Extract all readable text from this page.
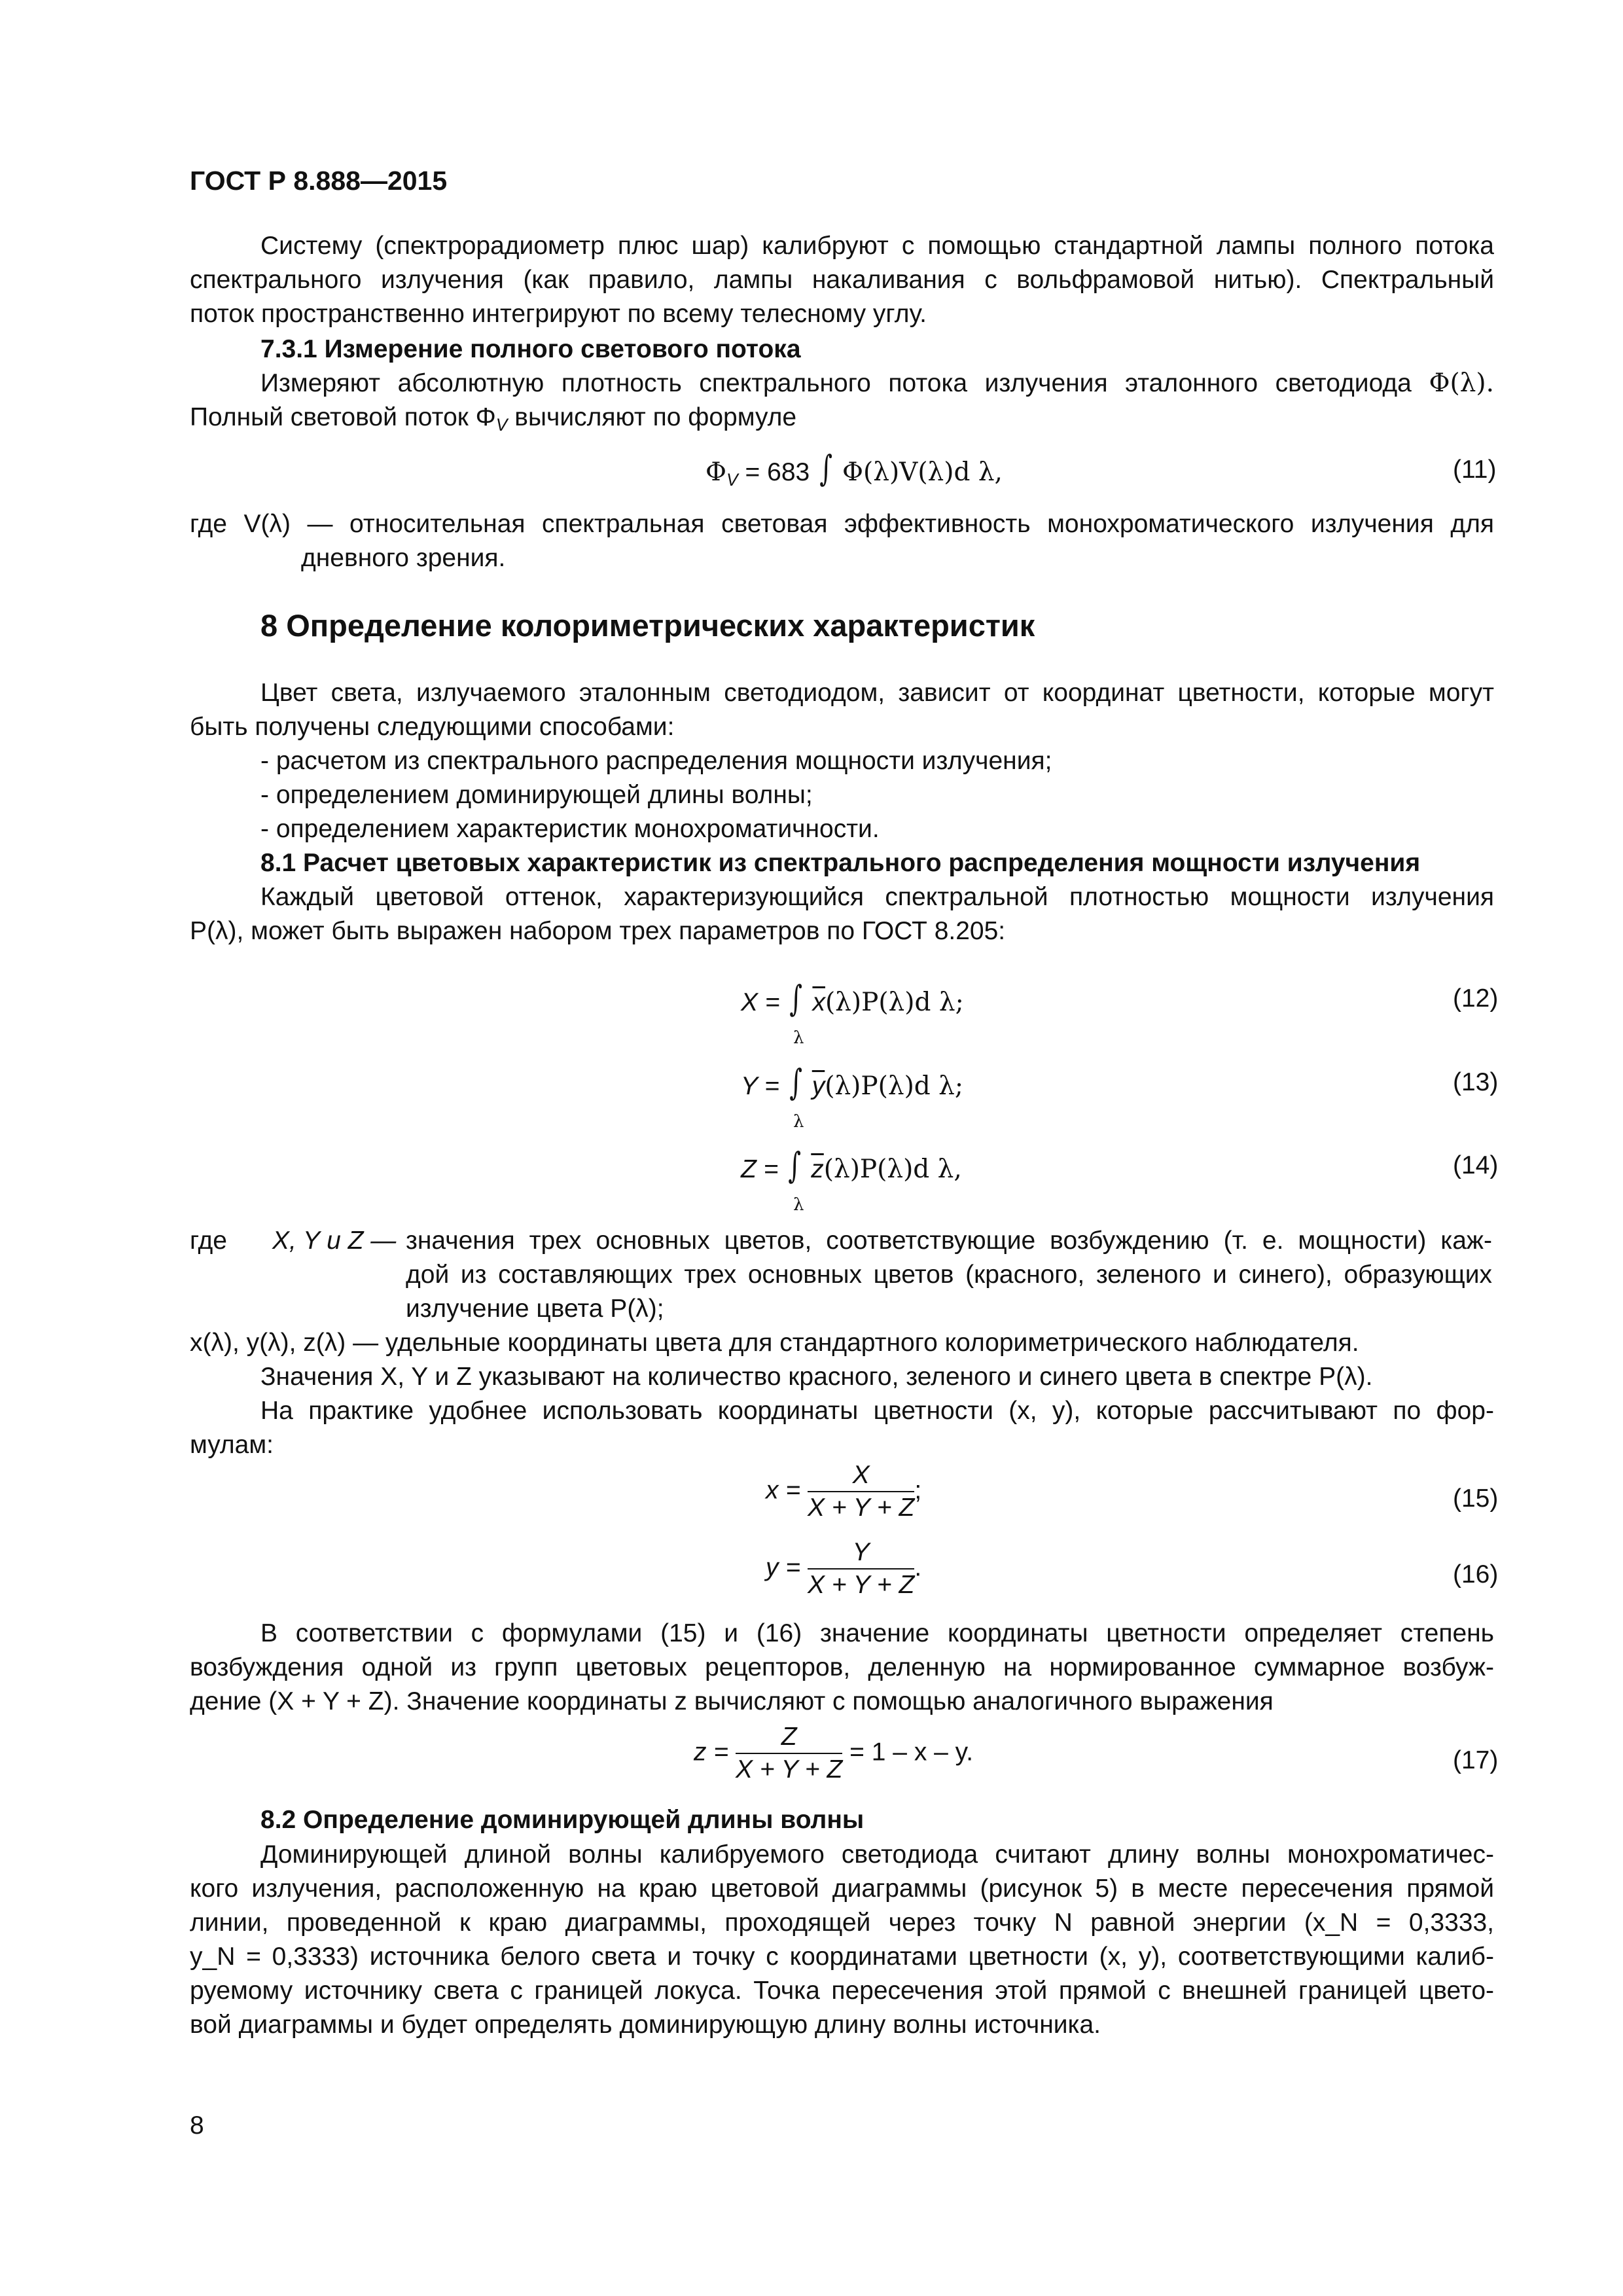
ГОСТ Р 8.888—2015
Систему (спектрорадиометр плюс шар) калибруют с помощью стандартной лампы полного потока
спектрального излучения (как правило, лампы накаливания с вольфрамовой нитью). Спектральный
поток пространственно интегрируют по всему телесному углу.
7.3.1 Измерение полного светового потока
Измеряют абсолютную плотность спектрального потока излучения эталонного светодиода Φ(λ).
Полный световой поток $\Phi_V$ вычисляют по формуле
$\Phi_V = 683$ ∫ Φ(λ)V(λ)d λ,	(11)
где V(λ) — относительная спектральная световая эффективность монохроматического излучения для
дневного зрения.
8 Определение колориметрических характеристик
Цвет света, излучаемого эталонным светодиодом, зависит от координат цветности, которые могут
быть получены следующими способами:
- расчетом из спектрального распределения мощности излучения;
- определением доминирующей длины волны;
- определением характеристик монохроматичности.
8.1 Расчет цветовых характеристик из спектрального распределения мощности излучения
Каждый цветовой оттенок, характеризующийся спектральной плотностью мощности излучения
P(λ), может быть выражен набором трех параметров по ГОСТ 8.205:
X = ∫ $\overline{x}(\lambda)P(\lambda)d$ λ;
λ
(12)
Y = ∫ $\overline{y}(\lambda)P(\lambda)d$ λ;
λ
(13)
Z = ∫ $\overline{z}(\lambda)P(\lambda)d$ λ,
λ
(14)
где X, Y и Z — значения трех основных цветов, соответствующие возбуждению (т. е. мощности) каж-
дой из составляющих трех основных цветов (красного, зеленого и синего), образующих
излучение цвета P(λ);
x(λ), y(λ), z(λ) — удельные координаты цвета для стандартного колориметрического наблюдателя.
Значения X, Y и Z указывают на количество красного, зеленого и синего цвета в спектре P(λ).
На практике удобнее использовать координаты цветности (x, y), которые рассчитывают по фор-
мулам:
$x = \frac{X}{X + Y + Z}$ ;	(15)
$y = \frac{Y}{X + Y + Z}$ .	(16)
В соответствии с формулами (15) и (16) значение координаты цветности определяет степень
возбуждения одной из групп цветовых рецепторов, деленную на нормированное суммарное возбуж-
дение (X + Y + Z). Значение координаты z вычисляют с помощью аналогичного выражения
$z = \frac{Z}{X + Y + Z} = 1 - x - y$.	(17)
8.2 Определение доминирующей длины волны
Доминирующей длиной волны калибруемого светодиода считают длину волны монохроматичес-
кого излучения, расположенную на краю цветовой диаграммы (рисунок 5) в месте пересечения прямой
линии, проведенной к краю диаграммы, проходящей через точку N равной энергии (x_N = 0,3333,
y_N = 0,3333) источника белого света и точку с координатами цветности (x, y), соответствующими калиб-
руемому источнику света с границей локуса. Точка пересечения этой прямой с внешней границей цвето-
вой диаграммы и будет определять доминирующую длину волны источника.
8
